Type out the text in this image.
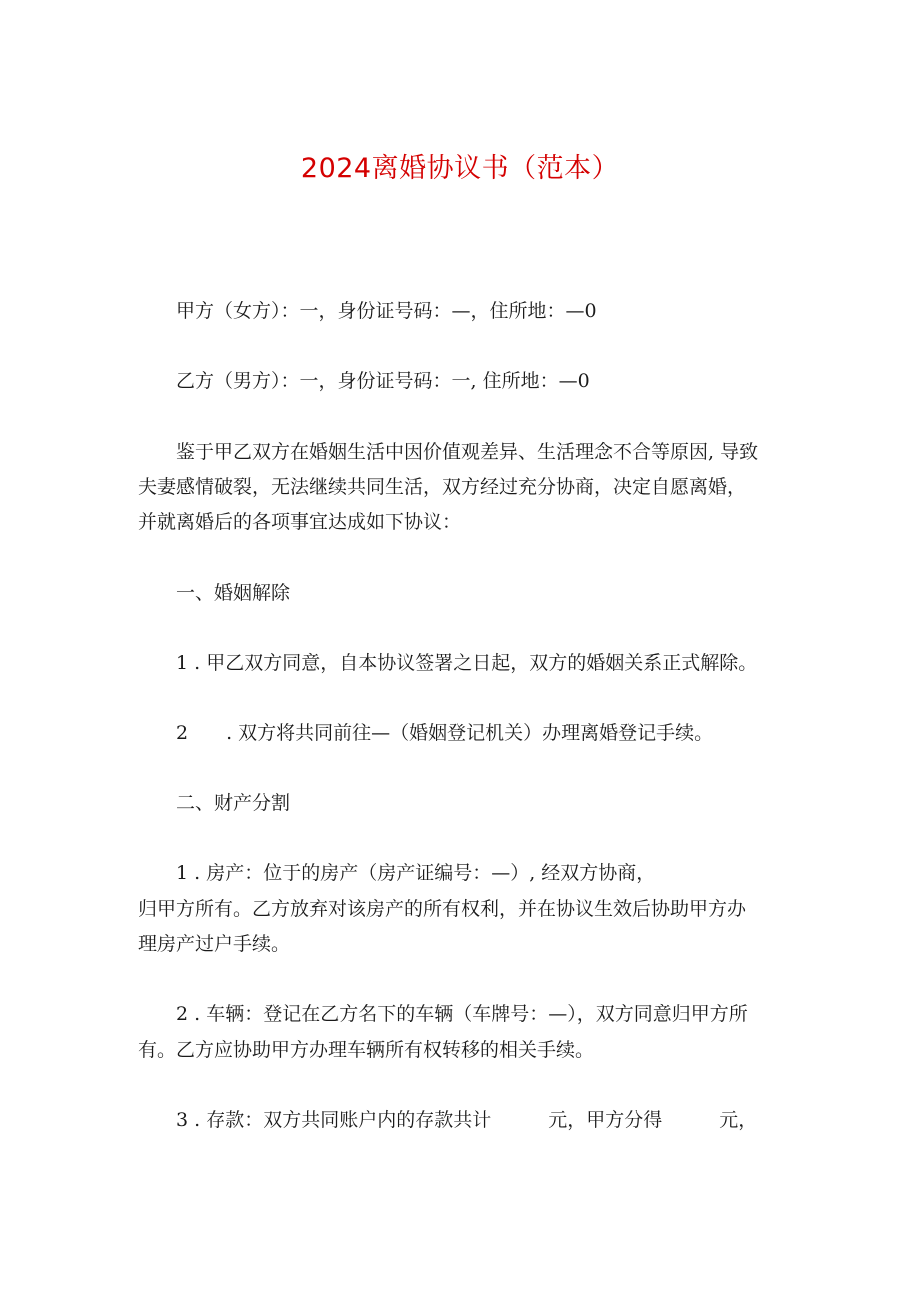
2024离婚协议书（范本）
　　甲方（女方）：一，身份证号码：—，住所地：—0
　　乙方（男方）：一，身份证号码：一, 住所地：—0
　　鉴于甲乙双方在婚姻生活中因价值观差异、生活理念不合等原因, 导致
夫妻感情破裂，无法继续共同生活，双方经过充分协商，决定自愿离婚，
并就离婚后的各项事宜达成如下协议：
　　一、婚姻解除
　　1 . 甲乙双方同意，自本协议签署之日起，双方的婚姻关系正式解除。
　　2　　. 双方将共同前往—（婚姻登记机关）办理离婚登记手续。
　　二、财产分割
　　1 . 房产：位于的房产（房产证编号：—）, 经双方协商，
归甲方所有。乙方放弃对该房产的所有权利，并在协议生效后协助甲方办
理房产过户手续。
　　2 . 车辆：登记在乙方名下的车辆（车牌号：—），双方同意归甲方所
有。乙方应协助甲方办理车辆所有权转移的相关手续。
　　3 . 存款：双方共同账户内的存款共计　　　元，甲方分得　　　元，
